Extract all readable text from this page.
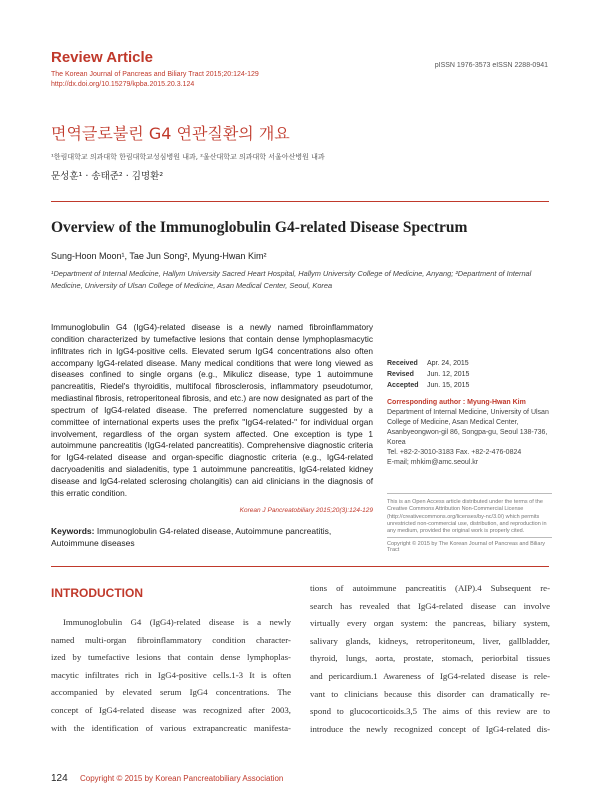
Review Article
The Korean Journal of Pancreas and Biliary Tract 2015;20:124-129
http://dx.doi.org/10.15279/kpba.2015.20.3.124
pISSN 1976-3573 eISSN 2288-0941
면역글로불린 G4 연관질환의 개요
¹한림대학교 의과대학 한림대학교성심병원 내과, ²울산대학교 의과대학 서울아산병원 내과
문성훈¹ · 송태준² · 김명환²
Overview of the Immunoglobulin G4-related Disease Spectrum
Sung-Hoon Moon¹, Tae Jun Song², Myung-Hwan Kim²
¹Department of Internal Medicine, Hallym University Sacred Heart Hospital, Hallym University College of Medicine, Anyang; ²Department of Internal Medicine, University of Ulsan College of Medicine, Asan Medical Center, Seoul, Korea
Immunoglobulin G4 (IgG4)-related disease is a newly named fibroinflammatory condition characterized by tumefactive lesions that contain dense lymphoplasmacytic infiltrates rich in IgG4-positive cells. Elevated serum IgG4 concentrations also often accompany IgG4-related disease. Many medical conditions that were long viewed as diseases confined to single organs (e.g., Mikulicz disease, type 1 autoimmune pancreatitis, Riedel's thyroiditis, multifocal fibrosclerosis, inflammatory pseudotumor, mediastinal fibrosis, retroperitoneal fibrosis, and etc.) are now designated as part of the spectrum of IgG4-related disease. The preferred nomenclature suggested by a committee of international experts uses the prefix "IgG4-related-" for individual organ involvement, regardless of the organ system affected. One exception is type 1 autoimmune pancreatitis (IgG4-related pancreatitis). Comprehensive diagnostic criteria for IgG4-related disease and organ-specific diagnostic criteria (e.g., IgG4-related dacryoadenitis and sialadenitis, type 1 autoimmune pancreatitis, IgG4-related kidney disease and IgG4-related sclerosing cholangitis) can aid clinicians in the diagnosis of this erratic condition.
Korean J Pancreatobiliary 2015;20(3):124-129
Keywords: Immunoglobulin G4-related disease, Autoimmune pancreatitis, Autoimmune diseases
Received	Apr. 24, 2015
Revised	Jun. 12, 2015
Accepted	Jun. 15, 2015
Corresponding author : Myung-Hwan Kim
Department of Internal Medicine, University of Ulsan College of Medicine, Asan Medical Center, Asanbyeongwon-gil 86, Songpa-gu, Seoul 138-736, Korea
Tel. +82-2-3010-3183 Fax. +82-2-476-0824
E-mail; mhkim@amc.seoul.kr
This is an Open Access article distributed under the terms of the Creative Commons Attribution Non-Commercial License (http://creativecommons.org/licenses/by-nc/3.0/) which permits unrestricted non-commercial use, distribution, and reproduction in any medium, provided the original work is properly cited.
Copyright © 2015 by The Korean Journal of Pancreas and Biliary Tract
INTRODUCTION
Immunoglobulin G4 (IgG4)-related disease is a newly
named multi-organ fibroinflammatory condition character-
ized by tumefactive lesions that contain dense lymphoplas-
macytic infiltrates rich in IgG4-positive cells.1-3 It is often
accompanied by elevated serum IgG4 concentrations. The
concept of IgG4-related disease was recognized after 2003,
with the identification of various extrapancreatic manifesta-
tions of autoimmune pancreatitis (AIP).4 Subsequent re-
search has revealed that IgG4-related disease can involve
virtually every organ system: the pancreas, biliary system,
salivary glands, kidneys, retroperitoneum, liver, gallbladder,
thyroid, lungs, aorta, prostate, stomach, periorbital tissues
and pericardium.1 Awareness of IgG4-related disease is rele-
vant to clinicians because this disorder can dramatically re-
spond to glucocorticoids.3,5 The aims of this review are to
introduce the newly recognized concept of IgG4-related dis-
124 Copyright © 2015 by Korean Pancreatobiliary Association
